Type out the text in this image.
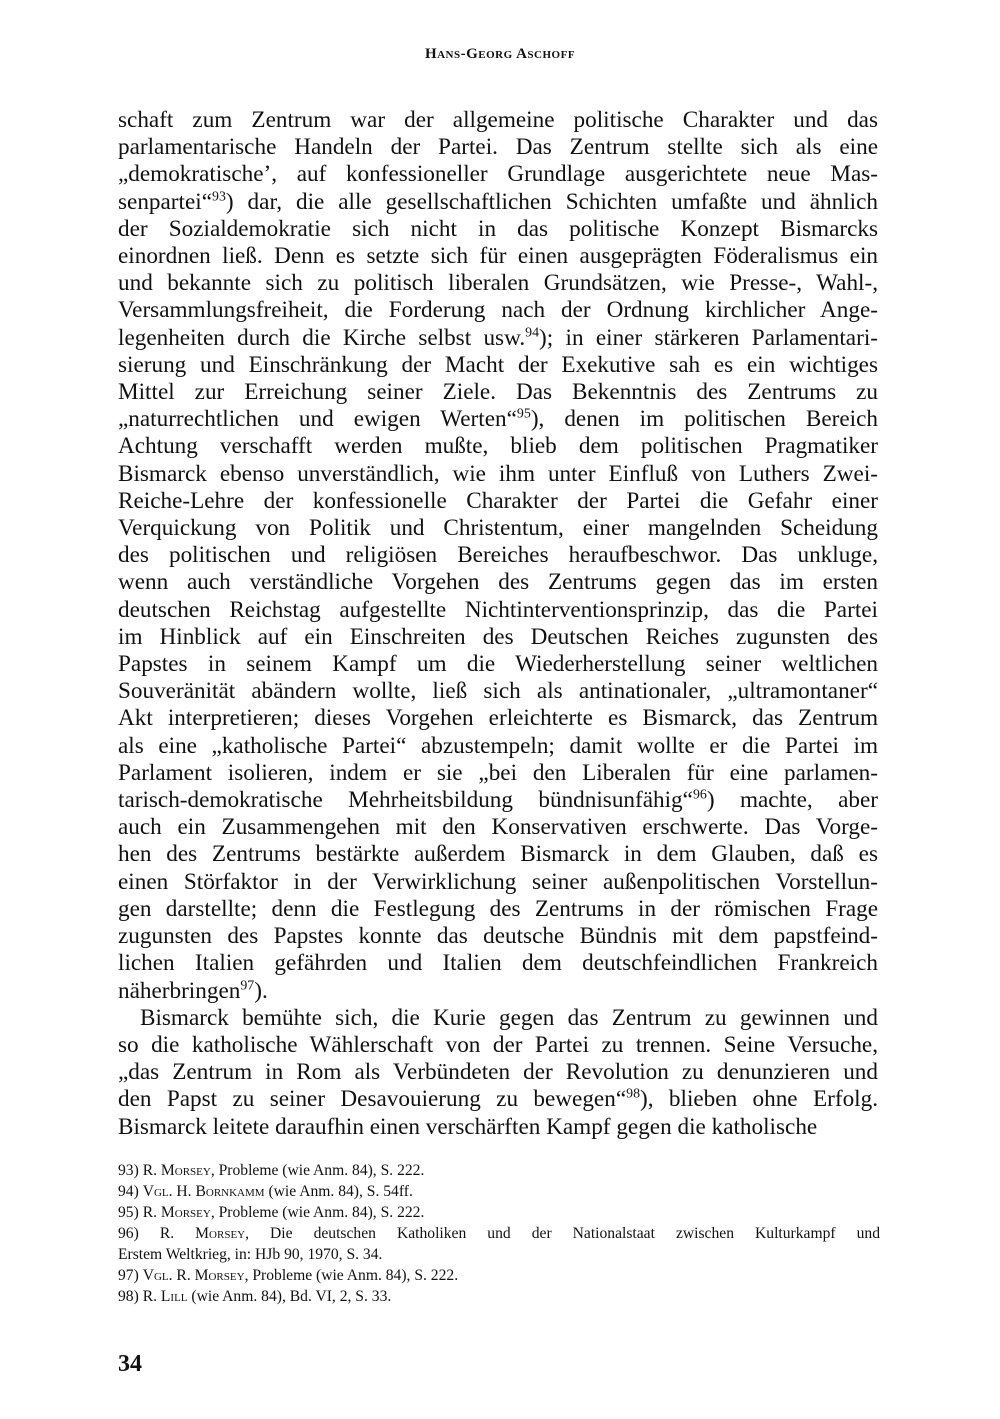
Hans-Georg Aschoff
schaft zum Zentrum war der allgemeine politische Charakter und das
parlamentarische Handeln der Partei. Das Zentrum stellte sich als eine
„demokratische’, auf konfessioneller Grundlage ausgerichtete neue Mas-
senpartei“$^{93}$) dar, die alle gesellschaftlichen Schichten umfaßte und ähnlich
der Sozialdemokratie sich nicht in das politische Konzept Bismarcks
einordnen ließ. Denn es setzte sich für einen ausgeprägten Föderalismus ein
und bekannte sich zu politisch liberalen Grundsätzen, wie Presse-, Wahl-,
Versammlungsfreiheit, die Forderung nach der Ordnung kirchlicher Ange-
legenheiten durch die Kirche selbst usw.$^{94}$); in einer stärkeren Parlamentari-
sierung und Einschränkung der Macht der Exekutive sah es ein wichtiges
Mittel zur Erreichung seiner Ziele. Das Bekenntnis des Zentrums zu
„naturrechtlichen und ewigen Werten“$^{95}$), denen im politischen Bereich
Achtung verschafft werden mußte, blieb dem politischen Pragmatiker
Bismarck ebenso unverständlich, wie ihm unter Einfluß von Luthers Zwei-
Reiche-Lehre der konfessionelle Charakter der Partei die Gefahr einer
Verquickung von Politik und Christentum, einer mangelnden Scheidung
des politischen und religiösen Bereiches heraufbeschwor. Das unkluge,
wenn auch verständliche Vorgehen des Zentrums gegen das im ersten
deutschen Reichstag aufgestellte Nichtinterventionsprinzip, das die Partei
im Hinblick auf ein Einschreiten des Deutschen Reiches zugunsten des
Papstes in seinem Kampf um die Wiederherstellung seiner weltlichen
Souveränität abändern wollte, ließ sich als antinationaler, „ultramontaner“
Akt interpretieren; dieses Vorgehen erleichterte es Bismarck, das Zentrum
als eine „katholische Partei“ abzustempeln; damit wollte er die Partei im
Parlament isolieren, indem er sie „bei den Liberalen für eine parlamen-
tarisch-demokratische Mehrheitsbildung bündnisunfähig“$^{96}$) machte, aber
auch ein Zusammengehen mit den Konservativen erschwerte. Das Vorge-
hen des Zentrums bestärkte außerdem Bismarck in dem Glauben, daß es
einen Störfaktor in der Verwirklichung seiner außenpolitischen Vorstellun-
gen darstellte; denn die Festlegung des Zentrums in der römischen Frage
zugunsten des Papstes konnte das deutsche Bündnis mit dem papstfeind-
lichen Italien gefährden und Italien dem deutschfeindlichen Frankreich
näherbringen$^{97}$).
Bismarck bemühte sich, die Kurie gegen das Zentrum zu gewinnen und
so die katholische Wählerschaft von der Partei zu trennen. Seine Versuche,
„das Zentrum in Rom als Verbündeten der Revolution zu denunzieren und
den Papst zu seiner Desavouierung zu bewegen“$^{98}$), blieben ohne Erfolg.
Bismarck leitete daraufhin einen verschärften Kampf gegen die katholische
93) R. Morsey, Probleme (wie Anm. 84), S. 222.
94) Vgl. H. Bornkamm (wie Anm. 84), S. 54ff.
95) R. Morsey, Probleme (wie Anm. 84), S. 222.
96) R. Morsey, Die deutschen Katholiken und der Nationalstaat zwischen Kulturkampf und
Erstem Weltkrieg, in: HJb 90, 1970, S. 34.
97) Vgl. R. Morsey, Probleme (wie Anm. 84), S. 222.
98) R. Lill (wie Anm. 84), Bd. VI, 2, S. 33.
34
